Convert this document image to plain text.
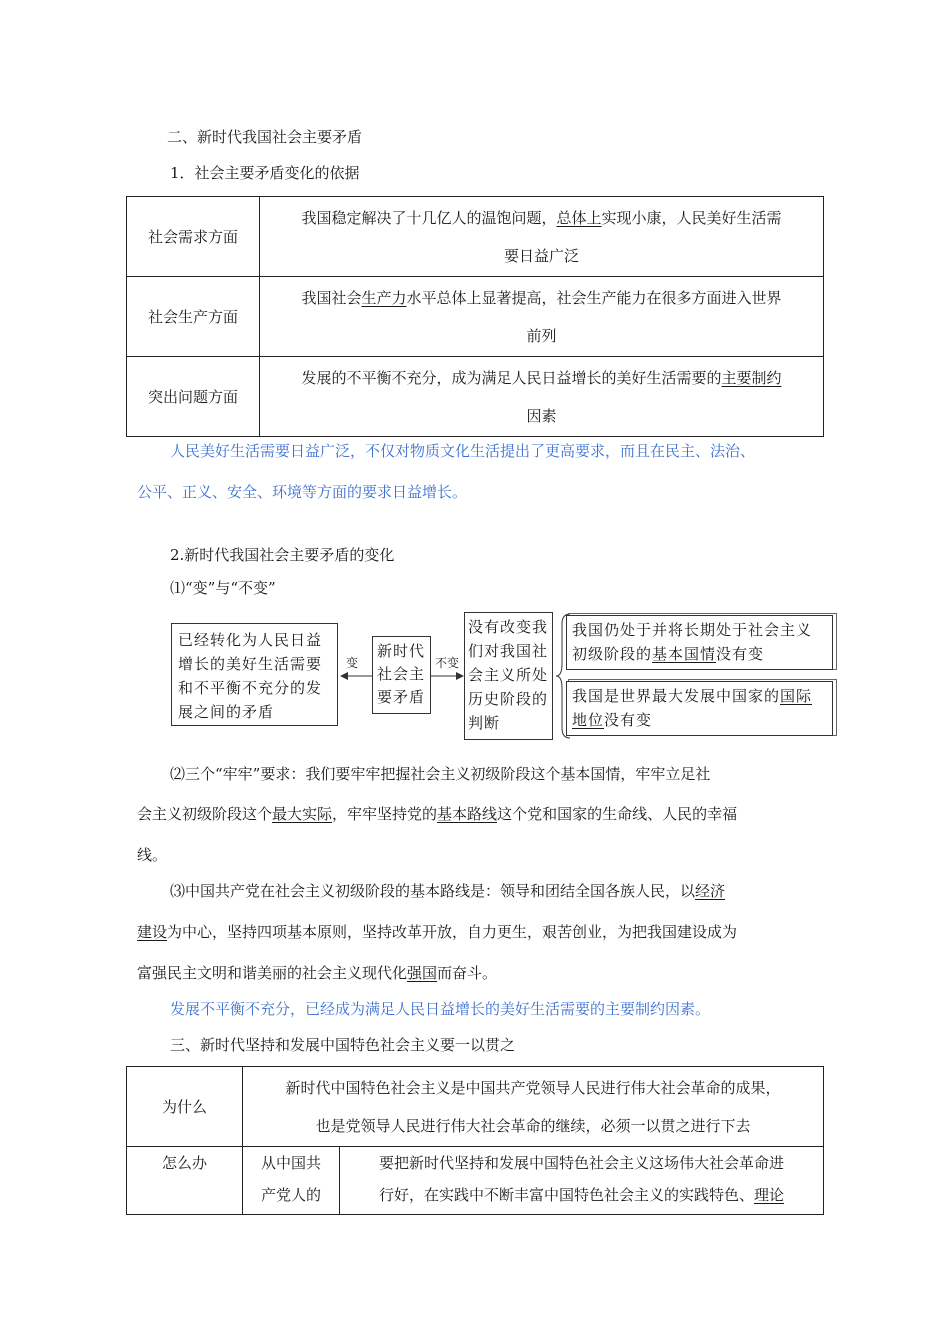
二、新时代我国社会主要矛盾
1．社会主要矛盾变化的依据
社会需求方面	我国稳定解决了十几亿人的温饱问题，总体上实现小康，人民美好生活需
要日益广泛
社会生产方面	我国社会生产力水平总体上显著提高，社会生产能力在很多方面进入世界
前列
突出问题方面	发展的不平衡不充分，成为满足人民日益增长的美好生活需要的主要制约
因素
人民美好生活需要日益广泛，不仅对物质文化生活提出了更高要求，而且在民主、法治、
公平、正义、安全、环境等方面的要求日益增长。
2.新时代我国社会主要矛盾的变化
⑴“变”与“不变”
已经转化为人民日益
增长的美好生活需要
和不平衡不充分的发
展之间的矛盾
变
新时代
社会主
要矛盾
不变
没有改变我
们对我国社
会主义所处
历史阶段的
判断
我国仍处于并将长期处于社会主义
初级阶段的基本国情没有变
我国是世界最大发展中国家的国际
地位没有变
⑵三个“牢牢”要求：我们要牢牢把握社会主义初级阶段这个基本国情，牢牢立足社
会主义初级阶段这个最大实际，牢牢坚持党的基本路线这个党和国家的生命线、人民的幸福
线。
⑶中国共产党在社会主义初级阶段的基本路线是：领导和团结全国各族人民，以经济
建设为中心，坚持四项基本原则，坚持改革开放，自力更生，艰苦创业，为把我国建设成为
富强民主文明和谐美丽的社会主义现代化强国而奋斗。
发展不平衡不充分，已经成为满足人民日益增长的美好生活需要的主要制约因素。
三、新时代坚持和发展中国特色社会主义要一以贯之
为什么	新时代中国特色社会主义是中国共产党领导人民进行伟大社会革命的成果，
也是党领导人民进行伟大社会革命的继续，必须一以贯之进行下去	
怎么办	从中国共
产党人的	要把新时代坚持和发展中国特色社会主义这场伟大社会革命进
行好，在实践中不断丰富中国特色社会主义的实践特色、理论
